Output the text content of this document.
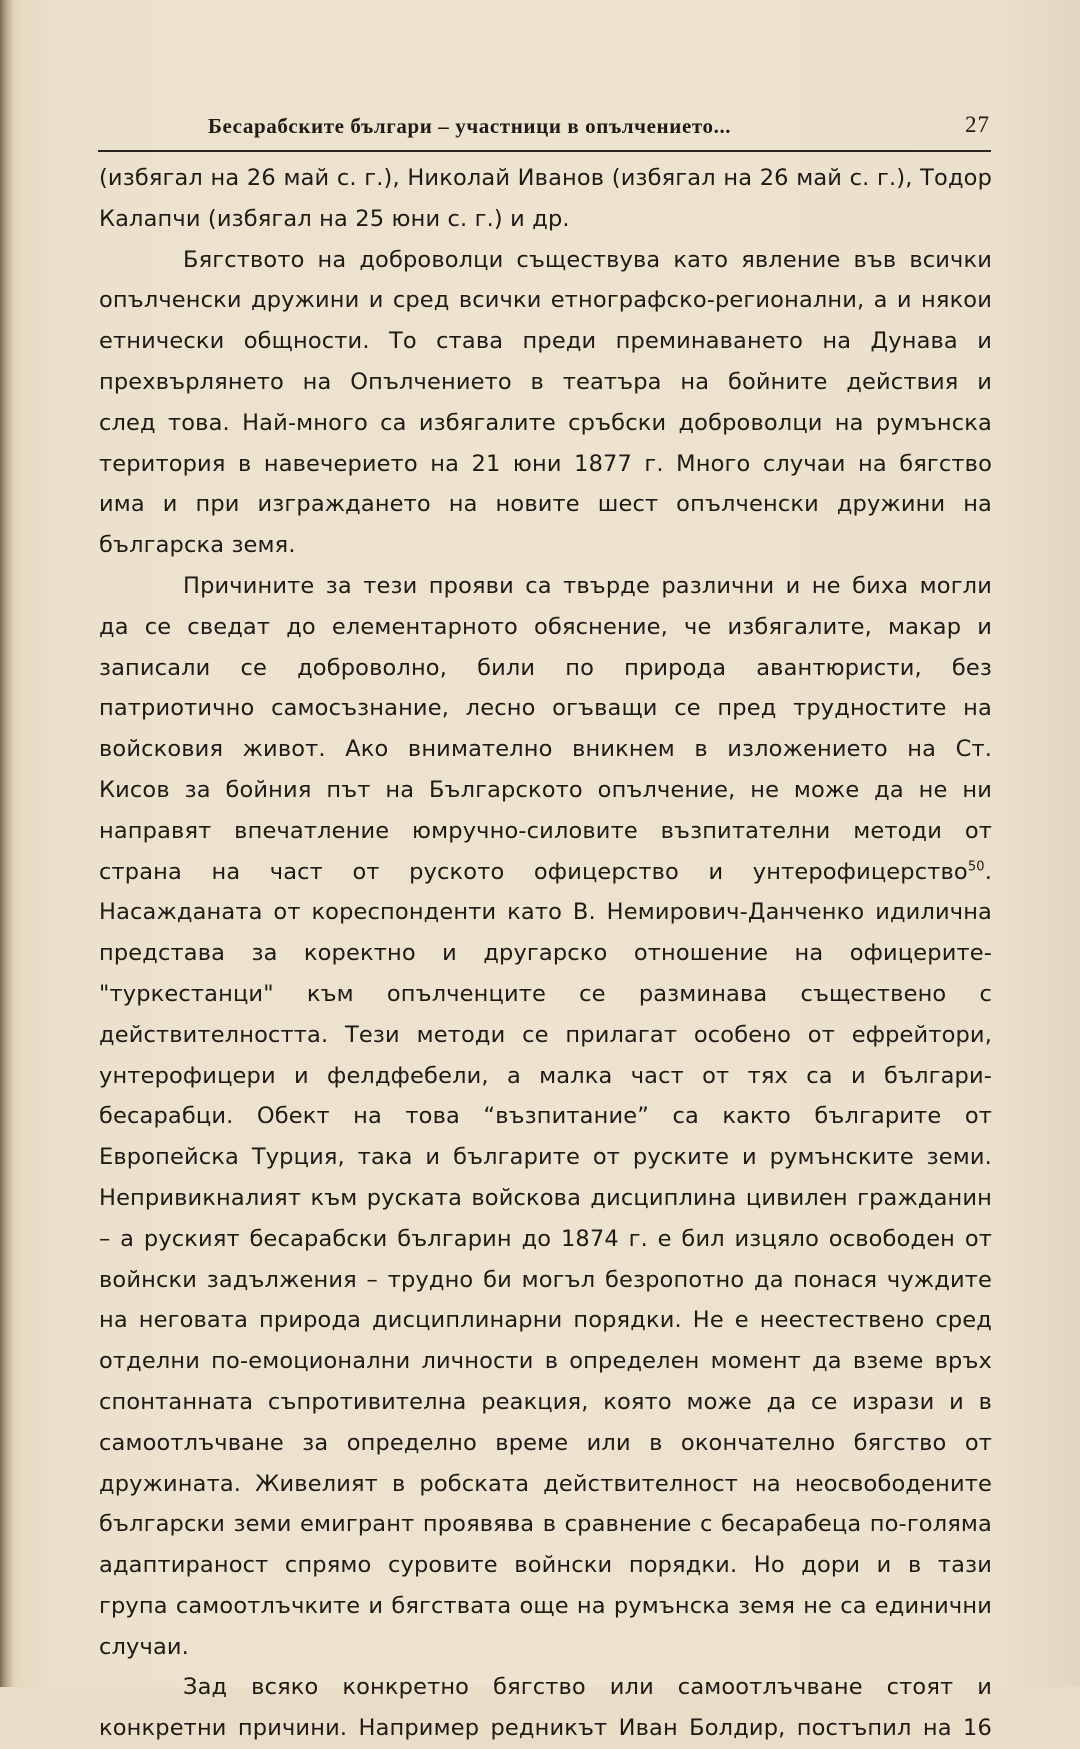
Бесарабските българи – участници в опълчението...	27
(избягал на 26 май с. г.), Николай Иванов (избягал на 26 май с. г.), Тодор
Калапчи (избягал на 25 юни с. г.) и др.
Бягството на доброволци съществува като явление във всички
опълченски дружини и сред всички етнографско-регионални, а и някои
етнически общности. То става преди преминаването на Дунава и
прехвърлянето на Опълчението в театъра на бойните действия и
след това. Най-много са избягалите сръбски доброволци на румънска
територия в навечерието на 21 юни 1877 г. Много случаи на бягство
има и при изграждането на новите шест опълченски дружини на
българска земя.
Причините за тези прояви са твърде различни и не биха могли
да се сведат до елементарното обяснение, че избягалите, макар и
записали се доброволно, били по природа авантюристи, без
патриотично самосъзнание, лесно огъващи се пред трудностите на
войсковия живот. Ако внимателно вникнем в изложението на Ст.
Кисов за бойния път на Българското опълчение, не може да не ни
направят впечатление юмручно-силовите възпитателни методи от
страна на част от руското офицерство и унтерофицерство$^{50}$.
Насажданата от кореспонденти като В. Немирович-Данченко идилична
представа за коректно и другарско отношение на офицерите-
"туркестанци" към опълченците се разминава съществено с
действителността. Тези методи се прилагат особено от ефрейтори,
унтерофицери и фелдфебели, а малка част от тях са и българи-
бесарабци. Обект на това “възпитание” са както българите от
Европейска Турция, така и българите от руските и румънските земи.
Непривикналият към руската войскова дисциплина цивилен гражданин
– а руският бесарабски българин до 1874 г. е бил изцяло освободен от
войнски задължения – трудно би могъл безропотно да понася чуждите
на неговата природа дисциплинарни порядки. Не е неестествено сред
отделни по-емоционални личности в определен момент да вземе връх
спонтанната съпротивителна реакция, която може да се изрази и в
самоотлъчване за определно време или в окончателно бягство от
дружината. Живелият в робската действителност на неосвободените
български земи емигрант проявява в сравнение с бесарабеца по-голяма
адаптираност спрямо суровите войнски порядки. Но дори и в тази
група самоотлъчките и бягствата още на румънска земя не са единични
случаи.
Зад всяко конкретно бягство или самоотлъчване стоят и
конкретни причини. Например редникът Иван Болдир, постъпил на 16
